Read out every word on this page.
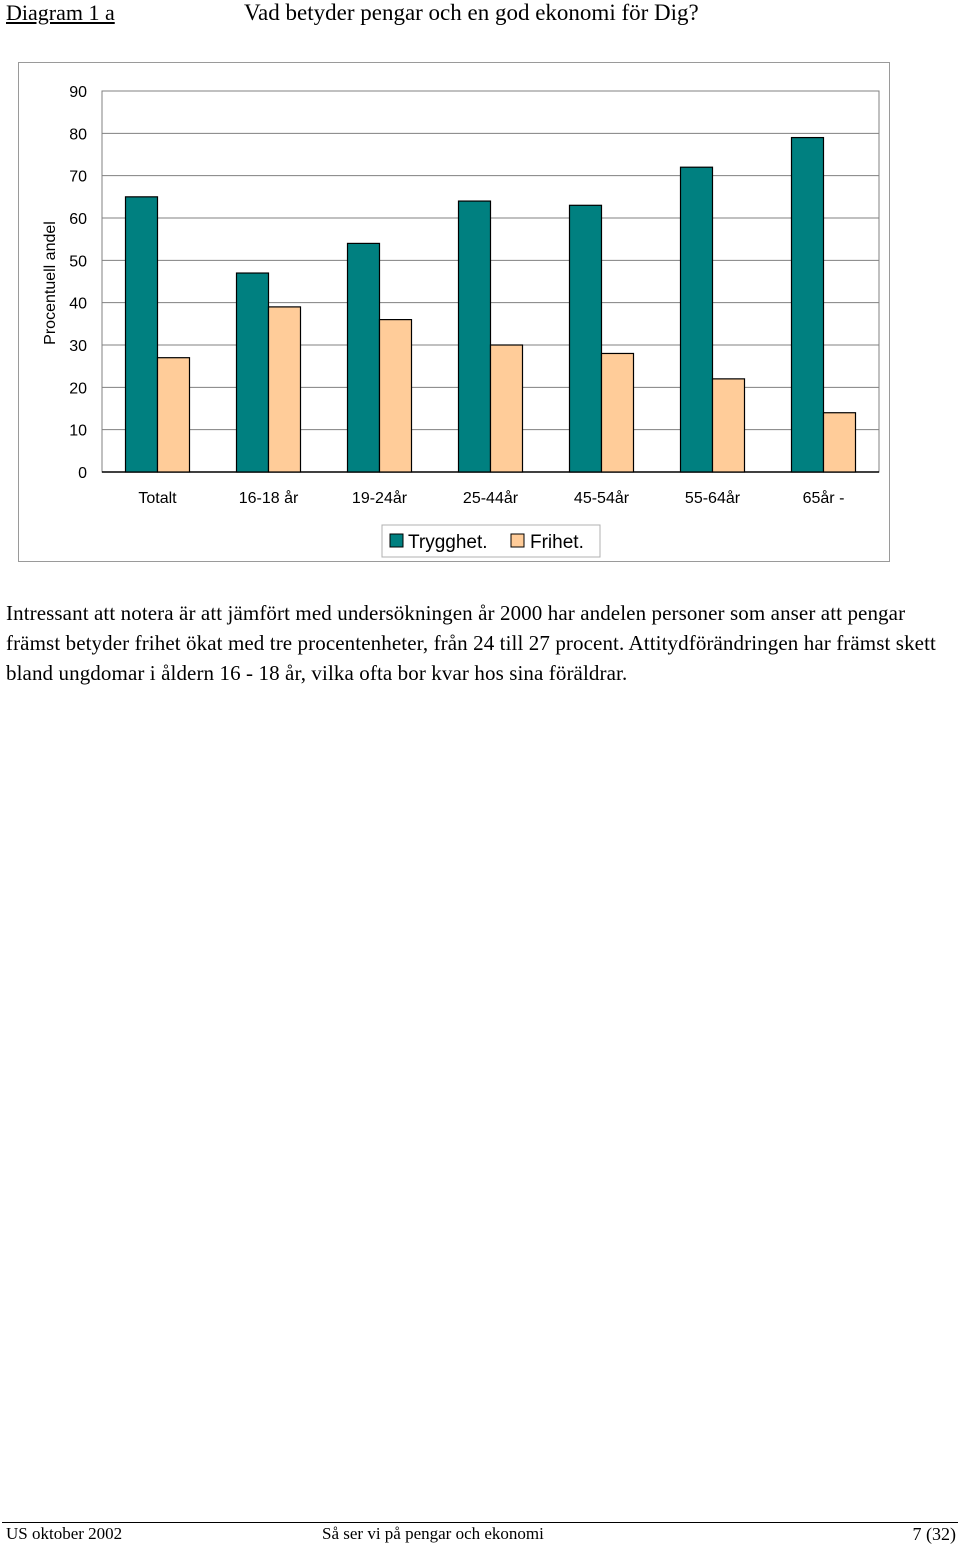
Diagram 1 a	Vad betyder pengar och en god ekonomi för Dig?
Procentuell andel
0
10
20
30
40
50
60
70
80
90
Totalt	16-18 år	19-24år	25-44år	45-54år	55-64år	65år -
Trygghet. Frihet.

Intressant att notera är att jämfört med undersökningen år 2000 har andelen personer som anser att pengar främst betyder frihet ökat med tre procentenheter, från 24 till 27 procent. Attitydförändringen har främst skett bland ungdomar i åldern 16 - 18 år, vilka ofta bor kvar hos sina föräldrar.

US oktober 2002	Så ser vi på pengar och ekonomi	7 (32)
